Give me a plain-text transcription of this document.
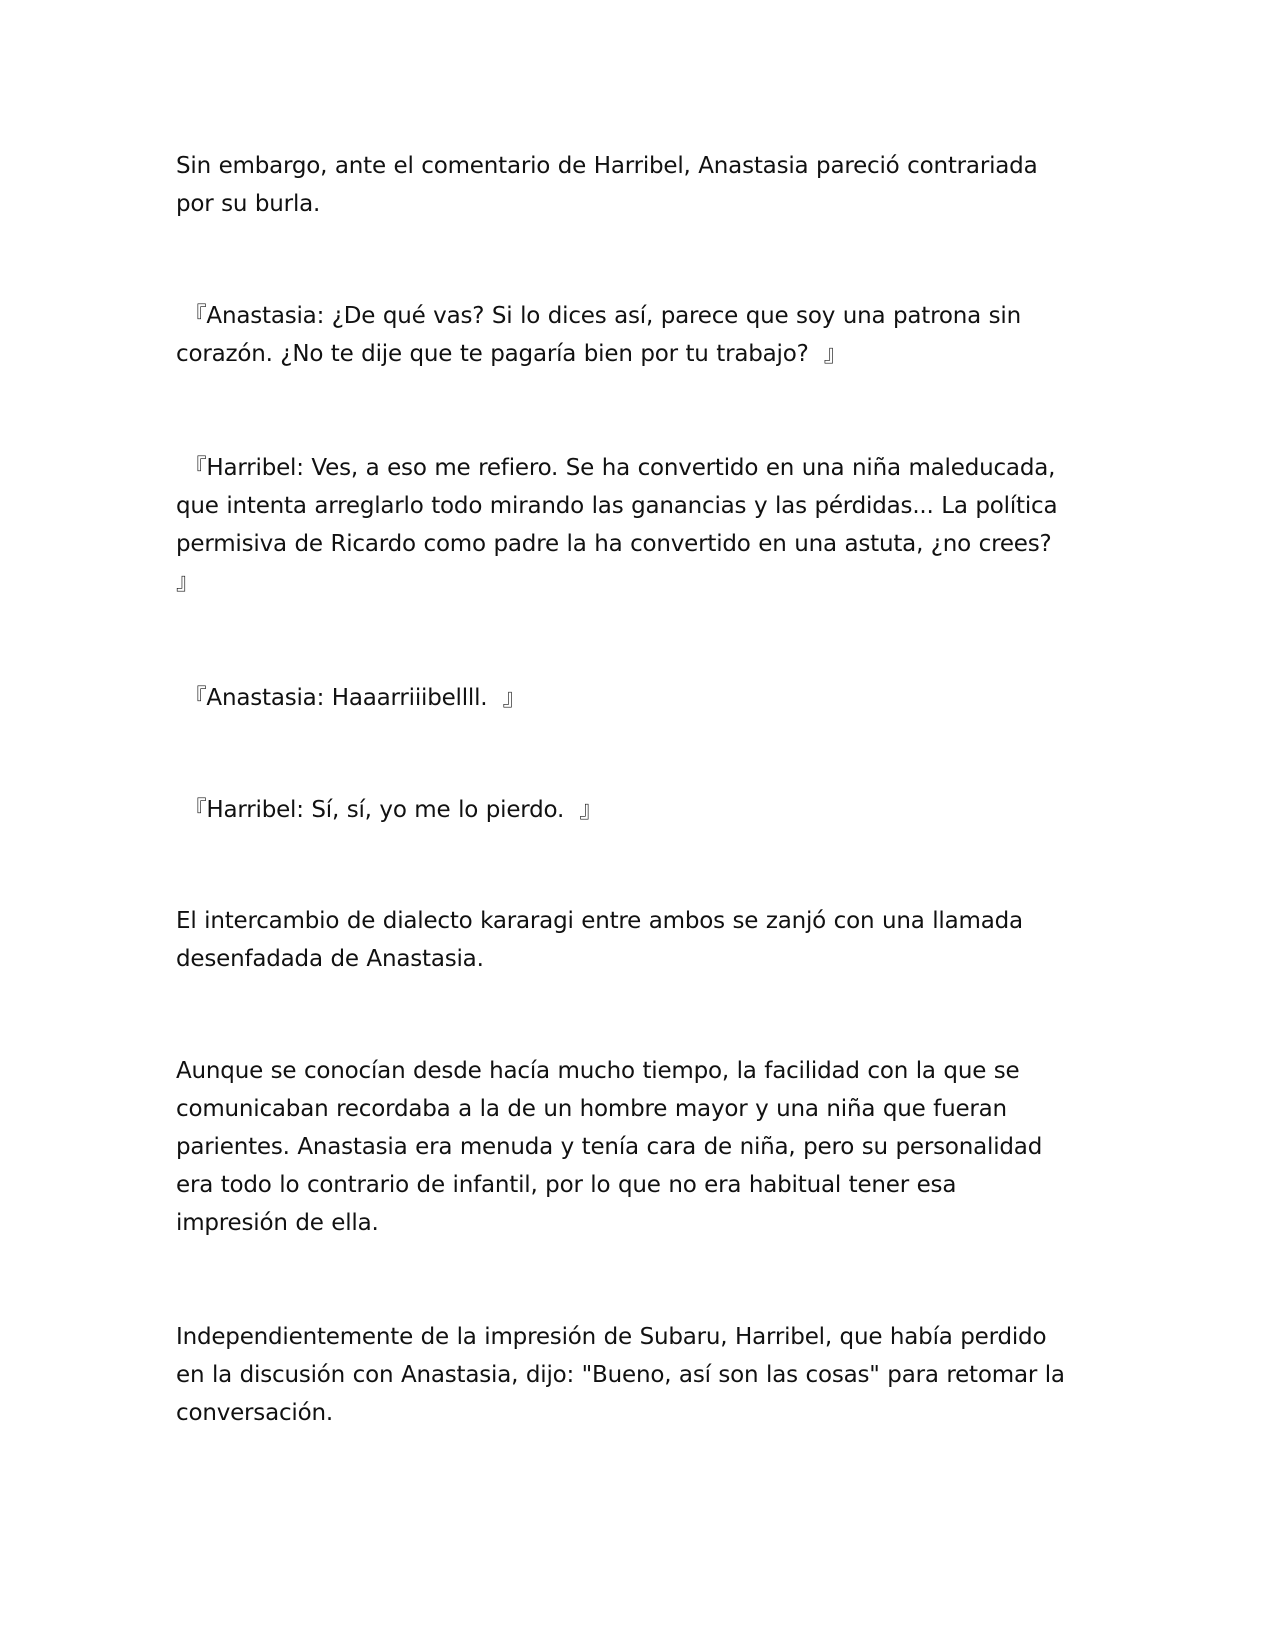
Sin embargo, ante el comentario de Harribel, Anastasia pareció contrariada
por su burla.

『Anastasia: ¿De qué vas? Si lo dices así, parece que soy una patrona sin
corazón. ¿No te dije que te pagaría bien por tu trabajo?  』

『Harribel: Ves, a eso me refiero. Se ha convertido en una niña maleducada,
que intenta arreglarlo todo mirando las ganancias y las pérdidas... La política
permisiva de Ricardo como padre la ha convertido en una astuta, ¿no crees?
』

『Anastasia: Haaarriiibellll.  』

『Harribel: Sí, sí, yo me lo pierdo.  』

El intercambio de dialecto kararagi entre ambos se zanjó con una llamada
desenfadada de Anastasia.

Aunque se conocían desde hacía mucho tiempo, la facilidad con la que se
comunicaban recordaba a la de un hombre mayor y una niña que fueran
parientes. Anastasia era menuda y tenía cara de niña, pero su personalidad
era todo lo contrario de infantil, por lo que no era habitual tener esa
impresión de ella.

Independientemente de la impresión de Subaru, Harribel, que había perdido
en la discusión con Anastasia, dijo: "Bueno, así son las cosas" para retomar la
conversación.
